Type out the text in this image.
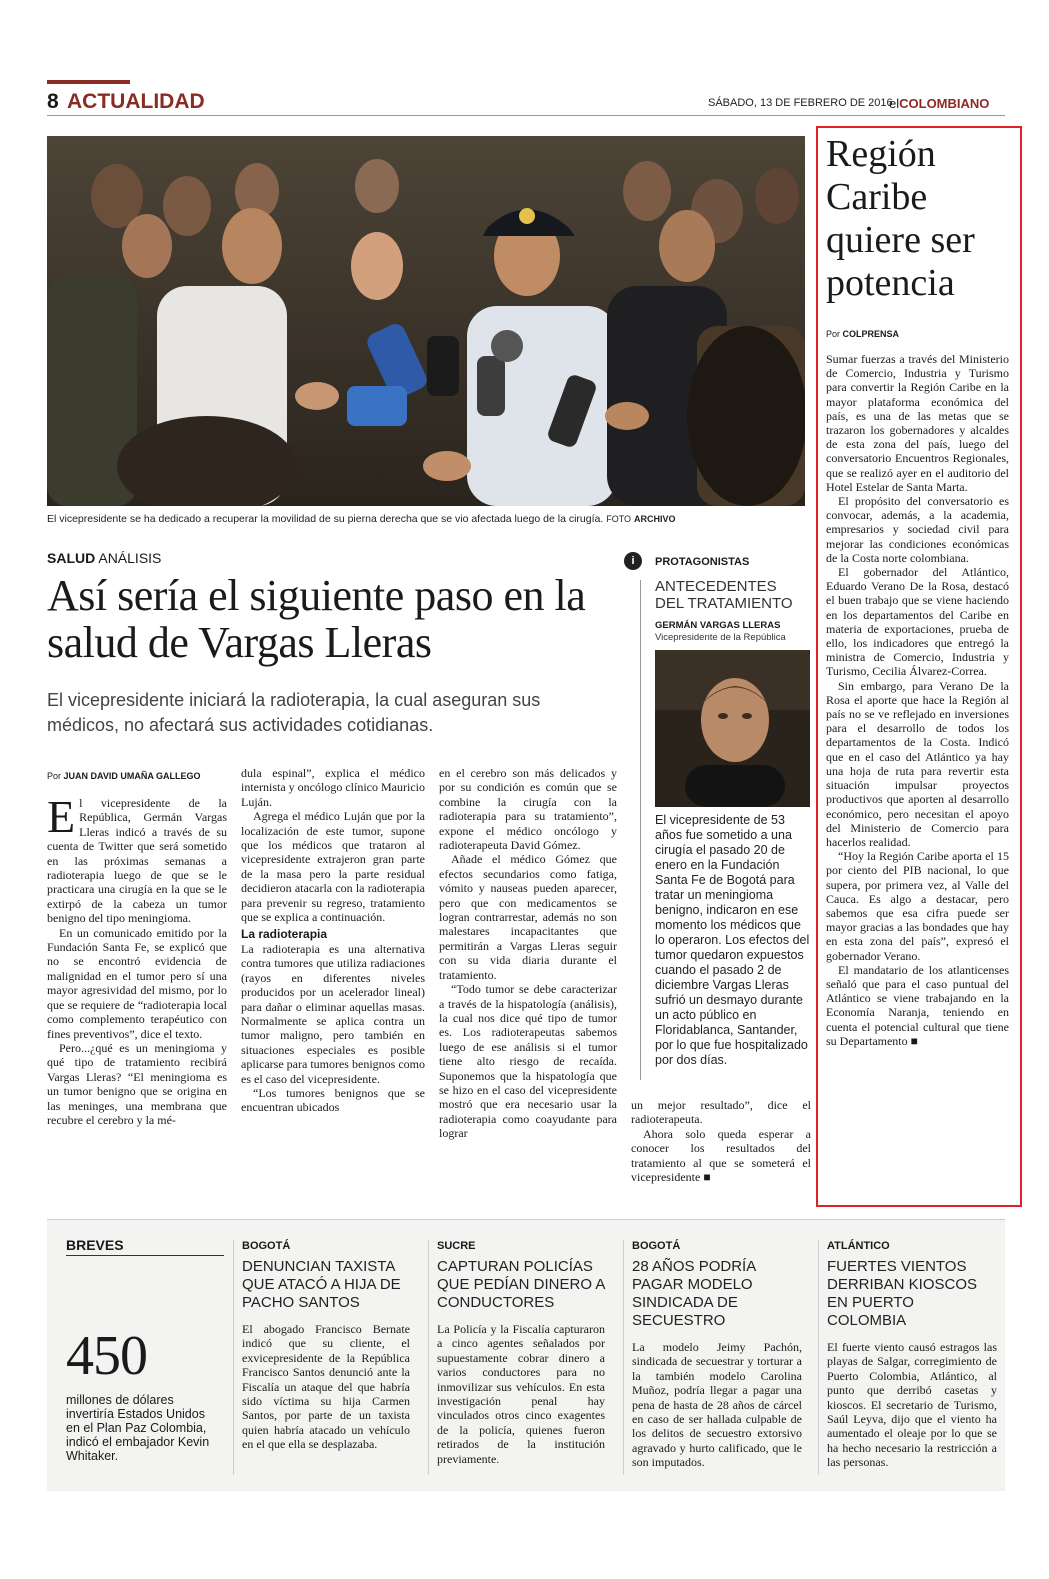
8 ACTUALIDAD	SÁBADO, 13 DE FEBRERO DE 2016
elCOLOMBIANO
El vicepresidente se ha dedicado a recuperar la movilidad de su pierna derecha que se vio afectada luego de la cirugía. FOTO ARCHIVO
SALUD ANÁLISIS
Así sería el siguiente paso en la salud de Vargas Lleras
El vicepresidente iniciará la radioterapia, la cual aseguran sus médicos, no afectará sus actividades cotidianas.
Por JUAN DAVID UMAÑA GALLEGO

El vicepresidente de la República, Germán Vargas Lleras indicó a través de su cuenta de Twitter que será sometido en las próximas semanas a radioterapia luego de que se le practicara una cirugía en la que se le extirpó de la cabeza un tumor benigno del tipo meningioma.

En un comunicado emitido por la Fundación Santa Fe, se explicó que no se encontró evidencia de malignidad en el tumor pero sí una mayor agresividad del mismo, por lo que se requiere de “radioterapia local como complemento terapéutico con fines preventivos”, dice el texto.

Pero...¿qué es un meningioma y qué tipo de tratamiento recibirá Vargas Lleras? “El meningioma es un tumor benigno que se origina en las meninges, una membrana que recubre el cerebro y la mé-

dula espinal”, explica el médico internista y oncólogo clínico Mauricio Luján.

Agrega el médico Luján que por la localización de este tumor, supone que los médicos que trataron al vicepresidente extrajeron gran parte de la masa pero la parte residual decidieron atacarla con la radioterapia para prevenir su regreso, tratamiento que se explica a continuación.

La radioterapia

La radioterapia es una alternativa contra tumores que utiliza radiaciones (rayos en diferentes niveles producidos por un acelerador lineal) para dañar o eliminar aquellas masas. Normalmente se aplica contra un tumor maligno, pero también en situaciones especiales es posible aplicarse para tumores benignos como es el caso del vicepresidente.

“Los tumores benignos que se encuentran ubicados

en el cerebro son más delicados y por su condición es común que se combine la cirugía con la radioterapia para su tratamiento”, expone el médico oncólogo y radioterapeuta David Gómez.

Añade el médico Gómez que efectos secundarios como fatiga, vómito y nauseas pueden aparecer, pero que con medicamentos se logran contrarrestar, además no son malestares incapacitantes que permitirán a Vargas Lleras seguir con su vida diaria durante el tratamiento.

“Todo tumor se debe caracterizar a través de la hispatología (análisis), la cual nos dice qué tipo de tumor es. Los radioterapeutas sabemos luego de ese análisis si el tumor tiene alto riesgo de recaída. Suponemos que la hispatología que se hizo en el caso del vicepresidente mostró que era necesario usar la radioterapia como coayudante para lograr

un mejor resultado”, dice el radioterapeuta.

Ahora solo queda esperar a conocer los resultados del tratamiento al que se someterá el vicepresidente ■

i	PROTAGONISTAS
ANTECEDENTES DEL TRATAMIENTO
GERMÁN VARGAS LLERAS
Vicepresidente de la República
El vicepresidente de 53 años fue sometido a una cirugía el pasado 20 de enero en la Fundación Santa Fe de Bogotá para tratar un meningioma benigno, indicaron en ese momento los médicos que lo operaron. Los efectos del tumor quedaron expuestos cuando el pasado 2 de diciembre Vargas Lleras sufrió un desmayo durante un acto público en Floridablanca, Santander, por lo que fue hospitalizado por dos días.
Región Caribe quiere ser potencia
Por COLPRENSA

Sumar fuerzas a través del Ministerio de Comercio, Industria y Turismo para convertir la Región Caribe en la mayor plataforma económica del país, es una de las metas que se trazaron los gobernadores y alcaldes de esta zona del país, luego del conversatorio Encuentros Regionales, que se realizó ayer en el auditorio del Hotel Estelar de Santa Marta.

El propósito del conversatorio es convocar, además, a la academia, empresarios y sociedad civil para mejorar las condiciones económicas de la Costa norte colombiana.

El gobernador del Atlántico, Eduardo Verano De la Rosa, destacó el buen trabajo que se viene haciendo en los departamentos del Caribe en materia de exportaciones, prueba de ello, los indicadores que entregó la ministra de Comercio, Industria y Turismo, Cecilia Álvarez-Correa.

Sin embargo, para Verano De la Rosa el aporte que hace la Región al país no se ve reflejado en inversiones para el desarrollo de todos los departamentos de la Costa. Indicó que en el caso del Atlántico ya hay una hoja de ruta para revertir esta situación impulsar proyectos productivos que aporten al desarrollo económico, pero necesitan el apoyo del Ministerio de Comercio para hacerlos realidad.

“Hoy la Región Caribe aporta el 15 por ciento del PIB nacional, lo que supera, por primera vez, al Valle del Cauca. Es algo a destacar, pero sabemos que esa cifra puede ser mayor gracias a las bondades que hay en esta zona del país”, expresó el gobernador Verano.

El mandatario de los atlanticenses señaló que para el caso puntual del Atlántico se viene trabajando en la Economía Naranja, teniendo en cuenta el potencial cultural que tiene su Departamento ■

BREVES
450
millones de dólares invertiría Estados Unidos en el Plan Paz Colombia, indicó el embajador Kevin Whitaker.
BOGOTÁ
DENUNCIAN TAXISTA QUE ATACÓ A HIJA DE PACHO SANTOS
El abogado Francisco Bernate indicó que su cliente, el exvicepresidente de la República Francisco Santos denunció ante la Fiscalía un ataque del que habría sido víctima su hija Carmen Santos, por parte de un taxista quien habría atacado un vehículo en el que ella se desplazaba.
SUCRE
CAPTURAN POLICÍAS QUE PEDÍAN DINERO A CONDUCTORES
La Policía y la Fiscalía capturaron a cinco agentes señalados por supuestamente cobrar dinero a varios conductores para no inmovilizar sus vehículos. En esta investigación penal hay vinculados otros cinco exagentes de la policía, quienes fueron retirados de la institución previamente.
BOGOTÁ
28 AÑOS PODRÍA PAGAR MODELO SINDICADA DE SECUESTRO
La modelo Jeimy Pachón, sindicada de secuestrar y torturar a la también modelo Carolina Muñoz, podría llegar a pagar una pena de hasta de 28 años de cárcel en caso de ser hallada culpable de los delitos de secuestro extorsivo agravado y hurto calificado, que le son imputados.
ATLÁNTICO
FUERTES VIENTOS DERRIBAN KIOSCOS EN PUERTO COLOMBIA
El fuerte viento causó estragos las playas de Salgar, corregimiento de Puerto Colombia, Atlántico, al punto que derribó casetas y kioscos. El secretario de Turismo, Saúl Leyva, dijo que el viento ha aumentado el oleaje por lo que se ha hecho necesario la restricción a las personas.
